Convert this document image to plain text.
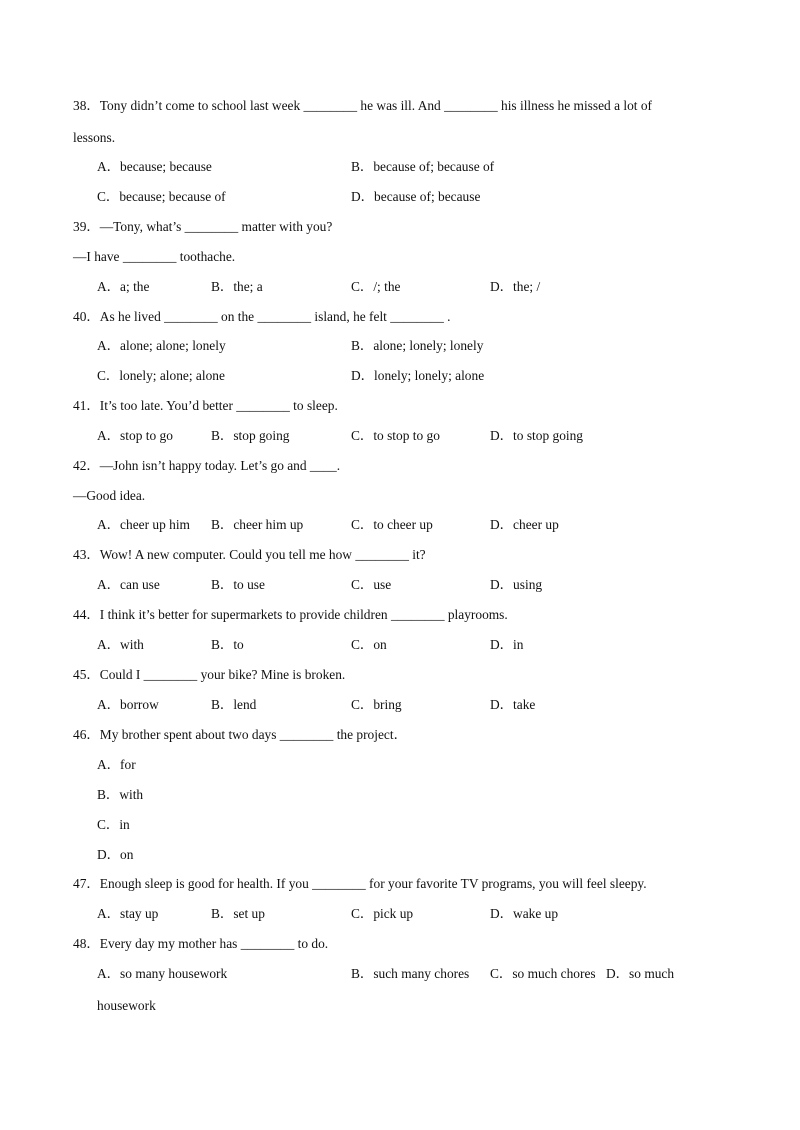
38．Tony didn’t come to school last week ________ he was ill. And ________ his illness he missed a lot of
lessons.
A．because; because	B．because of; because of
C．because; because of	D．because of; because
39．—Tony, what’s ________ matter with you?
—I have ________ toothache.
A．a; the	B．the; a	C．/; the	D．the; /
40．As he lived ________ on the ________ island, he felt ________ .
A．alone; alone; lonely	B．alone; lonely; lonely
C．lonely; alone; alone	D．lonely; lonely; alone
41．It’s too late. You’d better ________ to sleep.
A．stop to go	B．stop going	C．to stop to go	D．to stop going
42．—John isn’t happy today. Let’s go and ____.
—Good idea.
A．cheer up him B．cheer him up	C．to cheer up	D．cheer up
43．Wow! A new computer. Could you tell me how ________ it?
A．can use	B．to use	C．use	D．using
44．I think it’s better for supermarkets to provide children ________ playrooms.
A．with	B．to	C．on	D．in
45．Could I ________ your bike? Mine is broken.
A．borrow	B．lend	C．bring	D．take
46．My brother spent about two days ________ the project．
A．for
B．with
C．in
D．on
47．Enough sleep is good for health. If you ________ for your favorite TV programs, you will feel sleepy.
A．stay up	B．set up	C．pick up	D．wake up
48．Every day my mother has ________ to do.
A．so many housework	B．such many chores C．so much chores D．so much
housework
